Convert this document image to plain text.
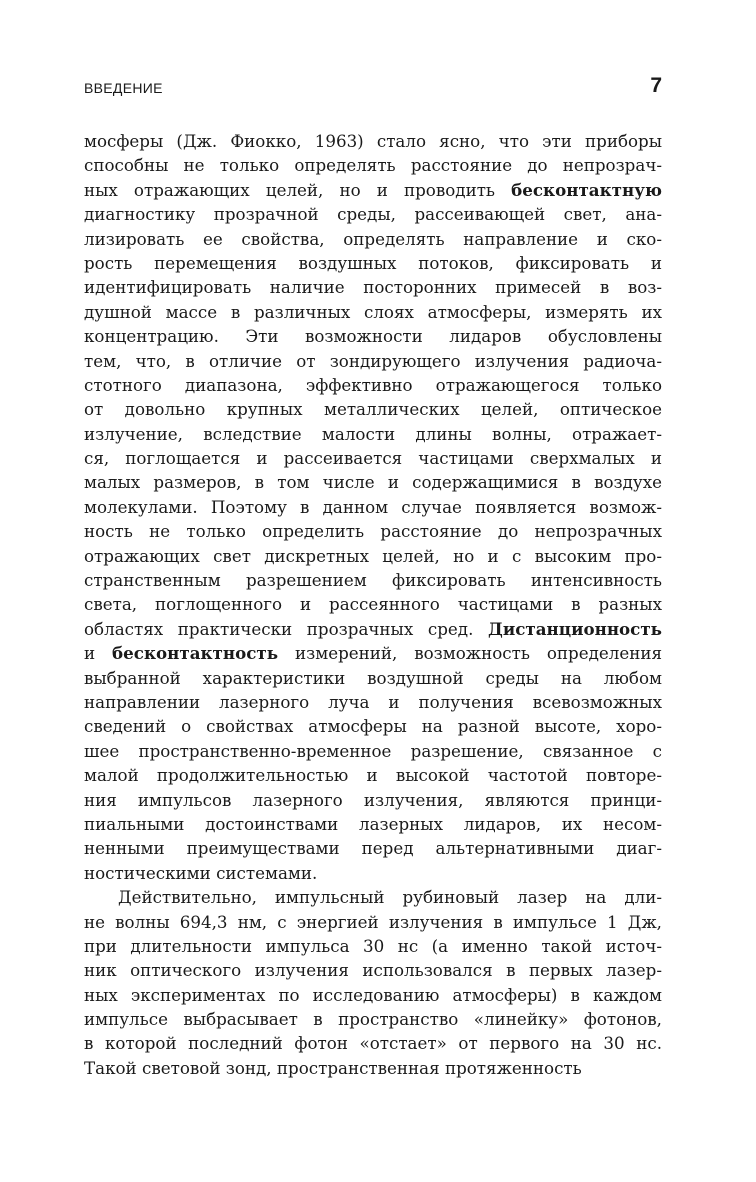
ВВЕДЕНИЕ	7
мосферы (Дж. Фиокко, 1963) стало ясно, что эти приборы
способны не только определять расстояние до непрозрач-
ных отражающих целей, но и проводить бесконтактную
диагностику прозрачной среды, рассеивающей свет, ана-
лизировать ее свойства, определять направление и ско-
рость перемещения воздушных потоков, фиксировать и
идентифицировать наличие посторонних примесей в воз-
душной массе в различных слоях атмосферы, измерять их
концентрацию. Эти возможности лидаров обусловлены
тем, что, в отличие от зондирующего излучения радиоча-
стотного диапазона, эффективно отражающегося только
от довольно крупных металлических целей, оптическое
излучение, вследствие малости длины волны, отражает-
ся, поглощается и рассеивается частицами сверхмалых и
малых размеров, в том числе и содержащимися в воздухе
молекулами. Поэтому в данном случае появляется возмож-
ность не только определить расстояние до непрозрачных
отражающих свет дискретных целей, но и с высоким про-
странственным разрешением фиксировать интенсивность
света, поглощенного и рассеянного частицами в разных
областях практически прозрачных сред. Дистанционность
и бесконтактность измерений, возможность определения
выбранной характеристики воздушной среды на любом
направлении лазерного луча и получения всевозможных
сведений о свойствах атмосферы на разной высоте, хоро-
шее пространственно-временное разрешение, связанное с
малой продолжительностью и высокой частотой повторе-
ния импульсов лазерного излучения, являются принци-
пиальными достоинствами лазерных лидаров, их несом-
ненными преимуществами перед альтернативными диаг-
ностическими системами.
Действительно, импульсный рубиновый лазер на дли-
не волны 694,3 нм, с энергией излучения в импульсе 1 Дж,
при длительности импульса 30 нс (а именно такой источ-
ник оптического излучения использовался в первых лазер-
ных экспериментах по исследованию атмосферы) в каждом
импульсе выбрасывает в пространство «линейку» фотонов,
в которой последний фотон «отстает» от первого на 30 нс.
Такой световой зонд, пространственная протяженность
